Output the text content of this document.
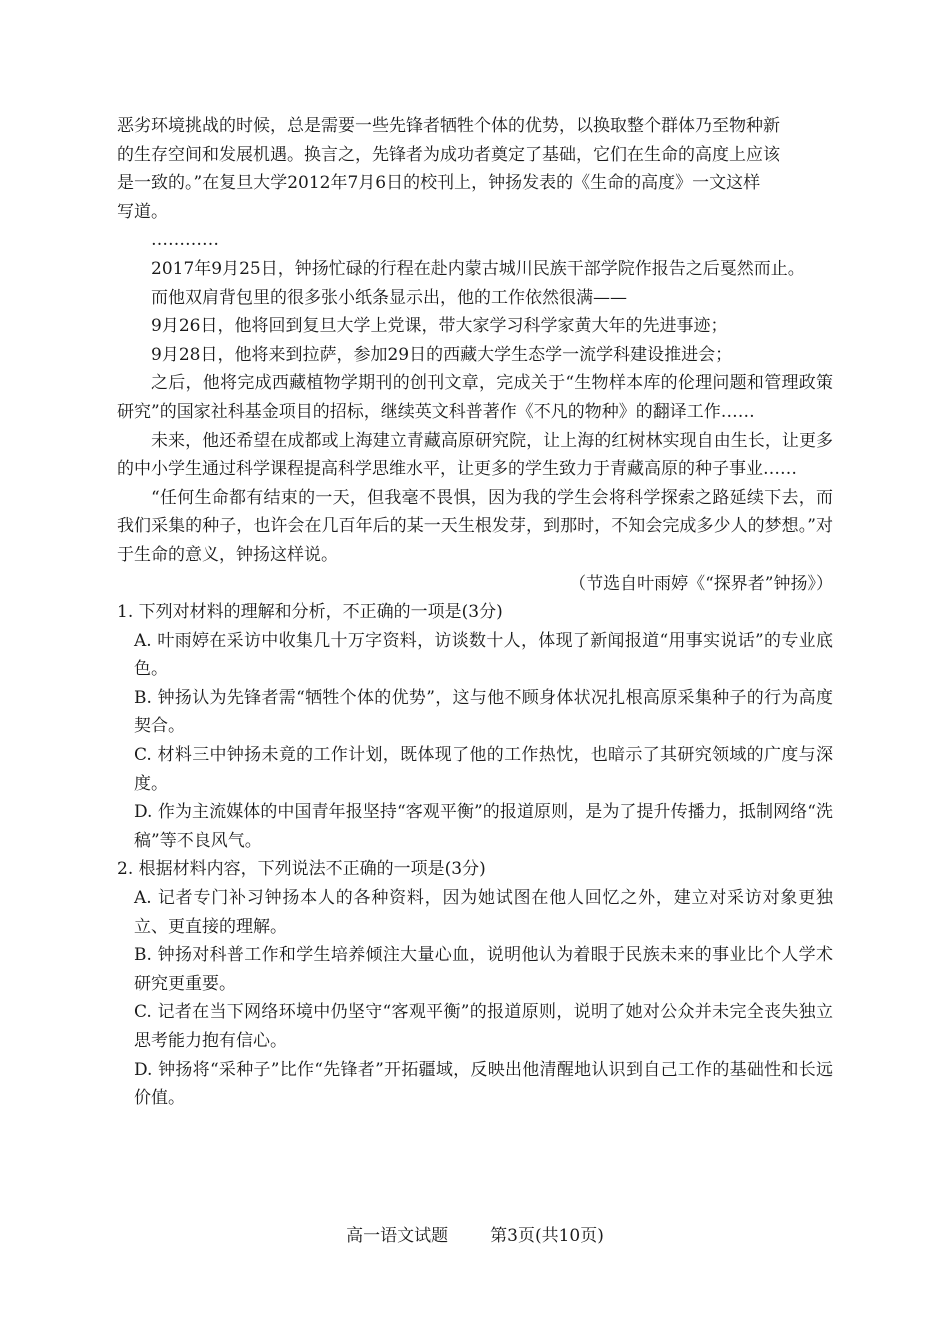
恶劣环境挑战的时候，总是需要一些先锋者牺牲个体的优势，以换取整个群体乃至物种新

的生存空间和发展机遇。换言之，先锋者为成功者奠定了基础，它们在生命的高度上应该

是一致的。”在复旦大学2012年7月6日的校刊上，钟扬发表的《生命的高度》一文这样

写道。

…………

2017年9月25日，钟扬忙碌的行程在赴内蒙古城川民族干部学院作报告之后戛然而止。

而他双肩背包里的很多张小纸条显示出，他的工作依然很满——

9月26日，他将回到复旦大学上党课，带大家学习科学家黄大年的先进事迹；

9月28日，他将来到拉萨，参加29日的西藏大学生态学一流学科建设推进会；

之后，他将完成西藏植物学期刊的创刊文章，完成关于“生物样本库的伦理问题和管理政策研究”的国家社科基金项目的招标，继续英文科普著作《不凡的物种》的翻译工作……

未来，他还希望在成都或上海建立青藏高原研究院，让上海的红树林实现自由生长，让更多的中小学生通过科学课程提高科学思维水平，让更多的学生致力于青藏高原的种子事业……

“任何生命都有结束的一天，但我毫不畏惧，因为我的学生会将科学探索之路延续下去，而我们采集的种子，也许会在几百年后的某一天生根发芽，到那时，不知会完成多少人的梦想。”对于生命的意义，钟扬这样说。

（节选自叶雨婷《“探界者”钟扬》）

1. 下列对材料的理解和分析，不正确的一项是(3分)

A. 叶雨婷在采访中收集几十万字资料，访谈数十人，体现了新闻报道“用事实说话”的专业底色。

B. 钟扬认为先锋者需“牺牲个体的优势”，这与他不顾身体状况扎根高原采集种子的行为高度契合。

C. 材料三中钟扬未竟的工作计划，既体现了他的工作热忱，也暗示了其研究领域的广度与深度。

D. 作为主流媒体的中国青年报坚持“客观平衡”的报道原则，是为了提升传播力，抵制网络“洗稿”等不良风气。

2. 根据材料内容，下列说法不正确的一项是(3分)

A. 记者专门补习钟扬本人的各种资料，因为她试图在他人回忆之外，建立对采访对象更独立、更直接的理解。

B. 钟扬对科普工作和学生培养倾注大量心血，说明他认为着眼于民族未来的事业比个人学术研究更重要。

C. 记者在当下网络环境中仍坚守“客观平衡”的报道原则，说明了她对公众并未完全丧失独立思考能力抱有信心。

D. 钟扬将“采种子”比作“先锋者”开拓疆域，反映出他清醒地认识到自己工作的基础性和长远价值。

高一语文试题 第3页(共10页)
